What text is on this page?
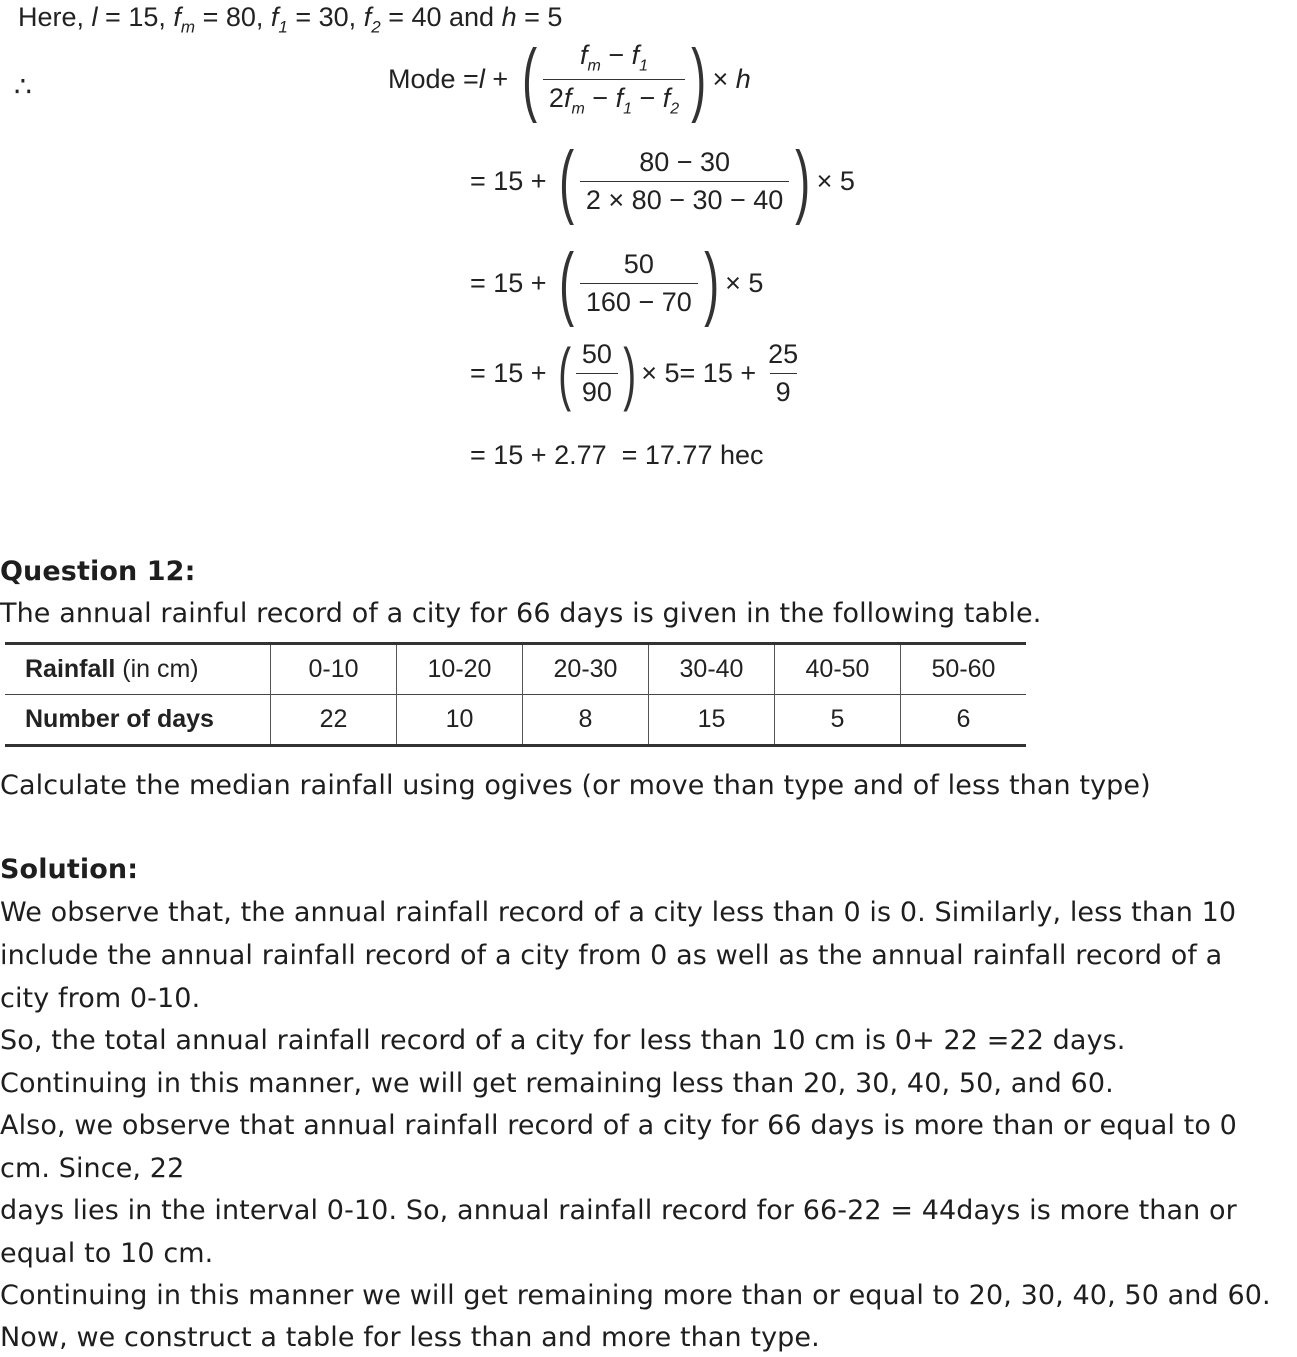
Here, l = 15, $f_m = 80$, $f_1 = 30$, $f_2 = 40$ and h = 5
∴	Mode = l + ( $\frac{f_m - f_1}{2f_m - f_1 - f_2}$ ) × h
= 15 + ( $\frac{80 - 30}{2 \times 80 - 30 - 40}$ ) × 5
= 15 + ( $\frac{50}{160 - 70}$ ) × 5
= 15 + ( $\frac{50}{90}$ ) × $5= 15 + \frac{25}{9}$
= 15 + 2.77  = 17.77 hec
Question 12:
The annual rainful record of a city for 66 days is given in the following table.
Rainfall (in cm)	0-10	10-20	20-30	30-40	40-50	50-60
Number of days	22	10	8	15	5	6
Calculate the median rainfall using ogives (or move than type and of less than type)
Solution:
We observe that, the annual rainfall record of a city less than 0 is 0. Similarly, less than 10
include the annual rainfall record of a city from 0 as well as the annual rainfall record of a
city from 0-10.
So, the total annual rainfall record of a city for less than 10 cm is 0+ 22 =22 days.
Continuing in this manner, we will get remaining less than 20, 30, 40, 50, and 60.
Also, we observe that annual rainfall record of a city for 66 days is more than or equal to 0
cm. Since, 22
days lies in the interval 0-10. So, annual rainfall record for 66-22 = 44days is more than or
equal to 10 cm.
Continuing in this manner we will get remaining more than or equal to 20, 30, 40, 50 and 60.
Now, we construct a table for less than and more than type.
